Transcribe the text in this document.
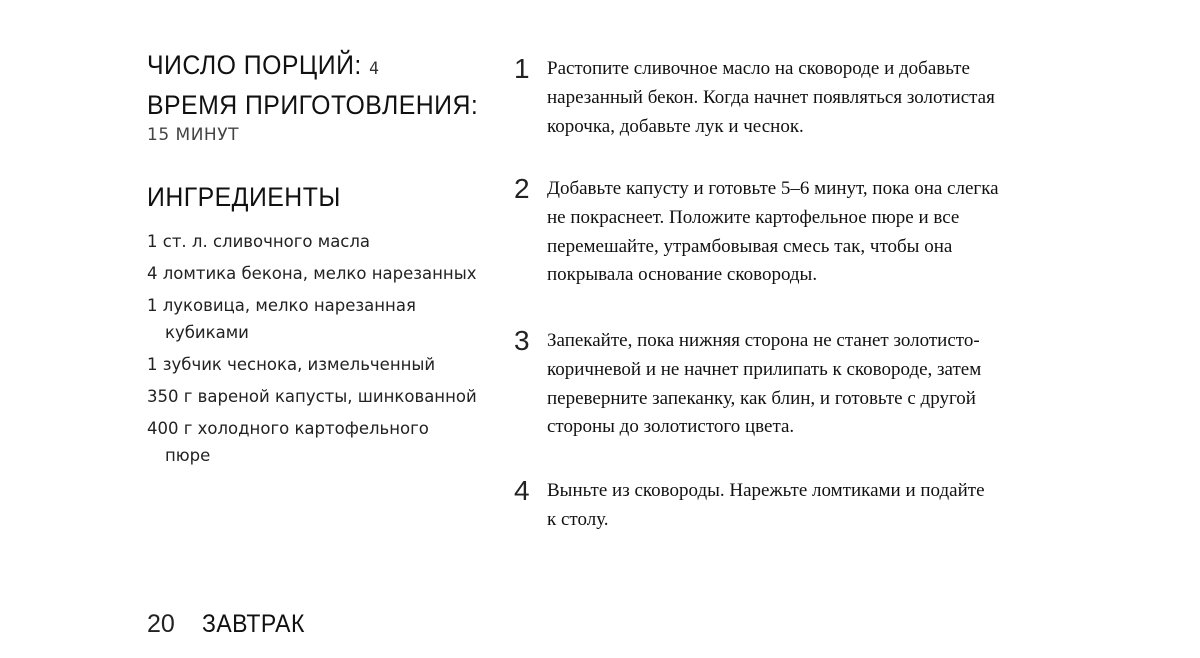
ЧИСЛО ПОРЦИЙ: 4
ВРЕМЯ ПРИГОТОВЛЕНИЯ:
15 МИНУТ
ИНГРЕДИЕНТЫ
1 ст. л. сливочного масла
4 ломтика бекона, мелко нарезанных
1 луковица, мелко нарезанная
кубиками
1 зубчик чеснока, измельченный
350 г вареной капусты, шинкованной
400 г холодного картофельного
пюре
1 Растопите сливочное масло на сковороде и добавьте
нарезанный бекон. Когда начнет появляться золотистая
корочка, добавьте лук и чеснок.
2 Добавьте капусту и готовьте 5–6 минут, пока она слегка
не покраснеет. Положите картофельное пюре и все
перемешайте, утрамбовывая смесь так, чтобы она
покрывала основание сковороды.
3 Запекайте, пока нижняя сторона не станет золотисто-
коричневой и не начнет прилипать к сковороде, затем
переверните запеканку, как блин, и готовьте с другой
стороны до золотистого цвета.
4 Выньте из сковороды. Нарежьте ломтиками и подайте
к столу.
20 ЗАВТРАК
